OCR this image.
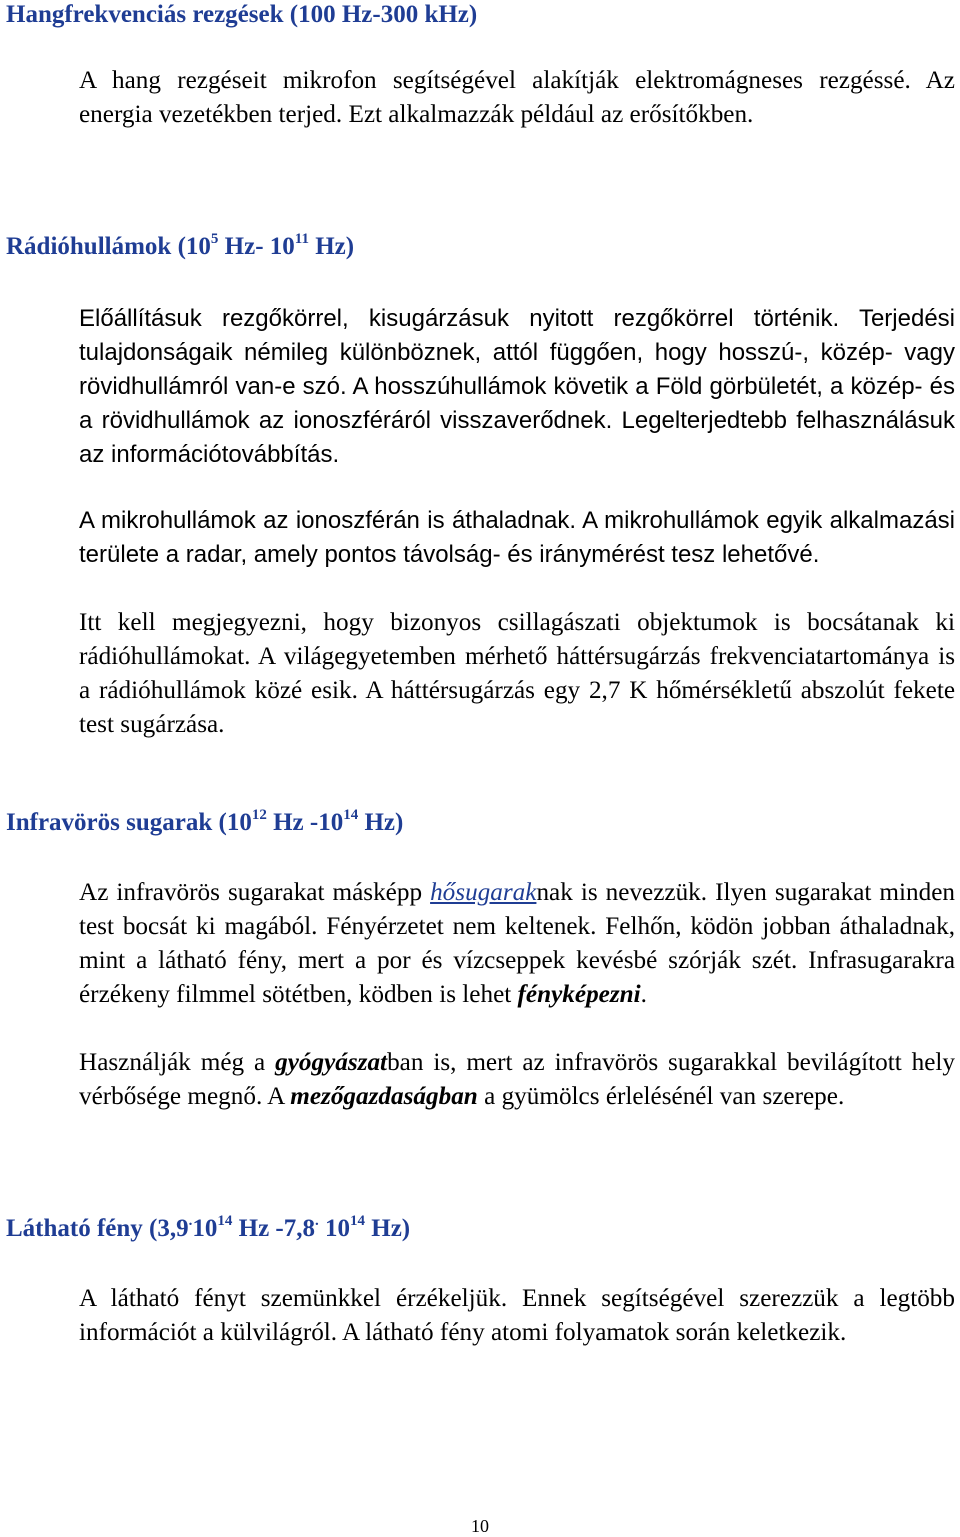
Hangfrekvenciás rezgések (100 Hz-300 kHz)

A hang rezgéseit mikrofon segítségével alakítják elektromágneses rezgéssé. Az energia vezetékben terjed. Ezt alkalmazzák például az erősítőkben.

Rádióhullámok ($10^5$ Hz- $10^{11}$ Hz)

Előállításuk rezgőkörrel, kisugárzásuk nyitott rezgőkörrel történik. Terjedési tulajdonságaik némileg különböznek, attól függően, hogy hosszú-, közép- vagy rövidhullámról van-e szó. A hosszúhullámok követik a Föld görbületét, a közép- és a rövidhullámok az ionoszféráról visszaverődnek. Legelterjedtebb felhasználásuk az információtovábbítás.

A mikrohullámok az ionoszférán is áthaladnak. A mikrohullámok egyik alkalmazási területe a radar, amely pontos távolság- és iránymérést tesz lehetővé.

Itt kell megjegyezni, hogy bizonyos csillagászati objektumok is bocsátanak ki rádióhullámokat. A világegyetemben mérhető háttérsugárzás frekvenciatartománya is a rádióhullámok közé esik. A háttérsugárzás egy 2,7 K hőmérsékletű abszolút fekete test sugárzása.

Infravörös sugarak ($10^{12}$ Hz $-10^{14}$ Hz)

Az infravörös sugarakat másképp hősugaraknak is nevezzük. Ilyen sugarakat minden test bocsát ki magából. Fényérzetet nem keltenek. Felhőn, ködön jobban áthaladnak, mint a látható fény, mert a por és vízcseppek kevésbé szórják szét. Infrasugarakra érzékeny filmmel sötétben, ködben is lehet fényképezni.

Használják még a gyógyászatban is, mert az infravörös sugarakkal bevilágított hely vérbősége megnő. A mezőgazdaságban a gyümölcs érlelésénél van szerepe.

Látható fény ($3,9^.10^{14}$ Hz -7,8. $10^{14}$ Hz)

A látható fényt szemünkkel érzékeljük. Ennek segítségével szerezzük a legtöbb információt a külvilágról. A látható fény atomi folyamatok során keletkezik.

10
